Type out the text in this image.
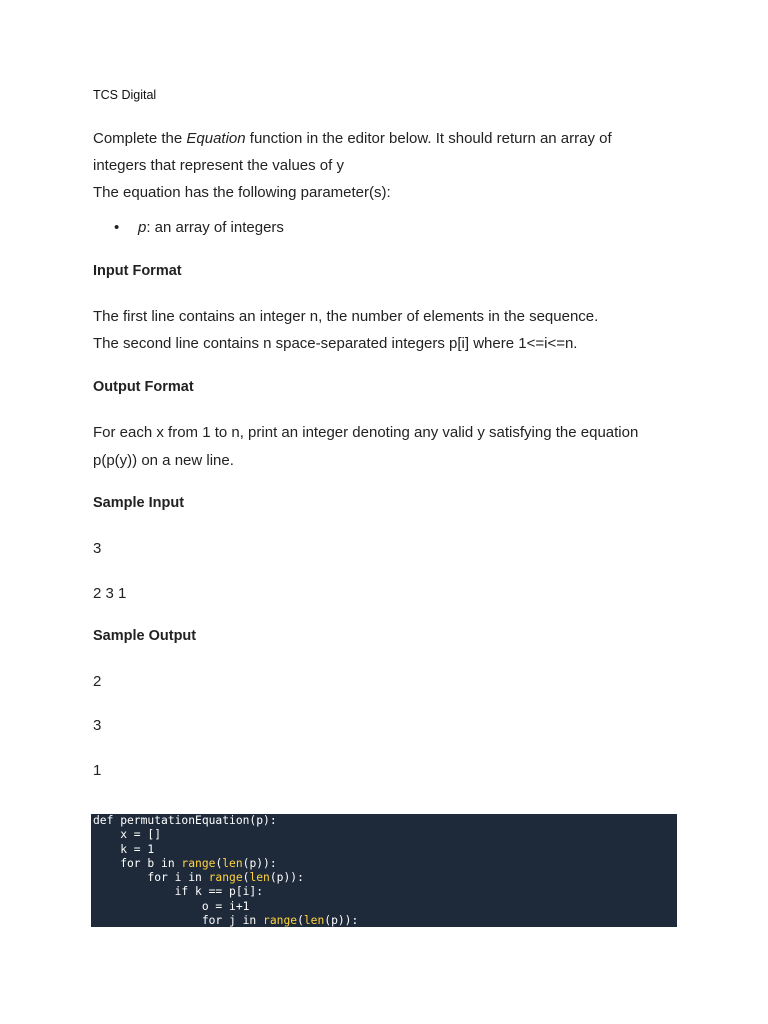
TCS Digital
Complete the Equation function in the editor below. It should return an array of
integers that represent the values of y
The equation has the following parameter(s):
• p: an array of integers
Input Format
The first line contains an integer n, the number of elements in the sequence.
The second line contains n space-separated integers p[i] where 1<=i<=n.
Output Format
For each x from 1 to n, print an integer denoting any valid y satisfying the equation
p(p(y)) on a new line.
Sample Input
3
2 3 1
Sample Output
2
3
1
def permutationEquation(p):
x = []
k = 1
for b in range(len(p)):
for i in range(len(p)):
if k == p[i]:
o = i+1
for j in range(len(p)):
